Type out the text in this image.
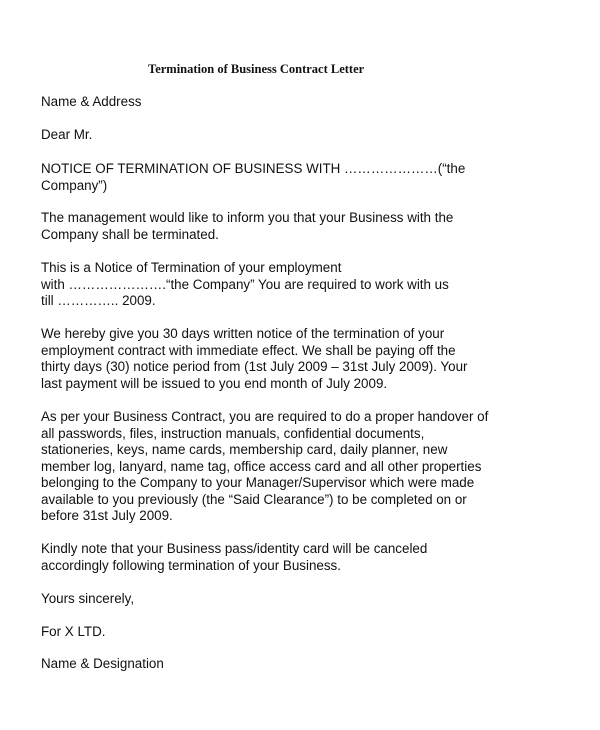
Termination of Business Contract Letter
Name & Address
Dear Mr.
NOTICE OF TERMINATION OF BUSINESS WITH …………………(“the
Company”)
The management would like to inform you that your Business with the
Company shall be terminated.
This is a Notice of Termination of your employment
with ………………….“the Company” You are required to work with us
till ………….. 2009.
We hereby give you 30 days written notice of the termination of your
employment contract with immediate effect. We shall be paying off the
thirty days (30) notice period from (1st July 2009 – 31st July 2009). Your
last payment will be issued to you end month of July 2009.
As per your Business Contract, you are required to do a proper handover of
all passwords, files, instruction manuals, confidential documents,
stationeries, keys, name cards, membership card, daily planner, new
member log, lanyard, name tag, office access card and all other properties
belonging to the Company to your Manager/Supervisor which were made
available to you previously (the “Said Clearance”) to be completed on or
before 31st July 2009.
Kindly note that your Business pass/identity card will be canceled
accordingly following termination of your Business.
Yours sincerely,
For X LTD.
Name & Designation
